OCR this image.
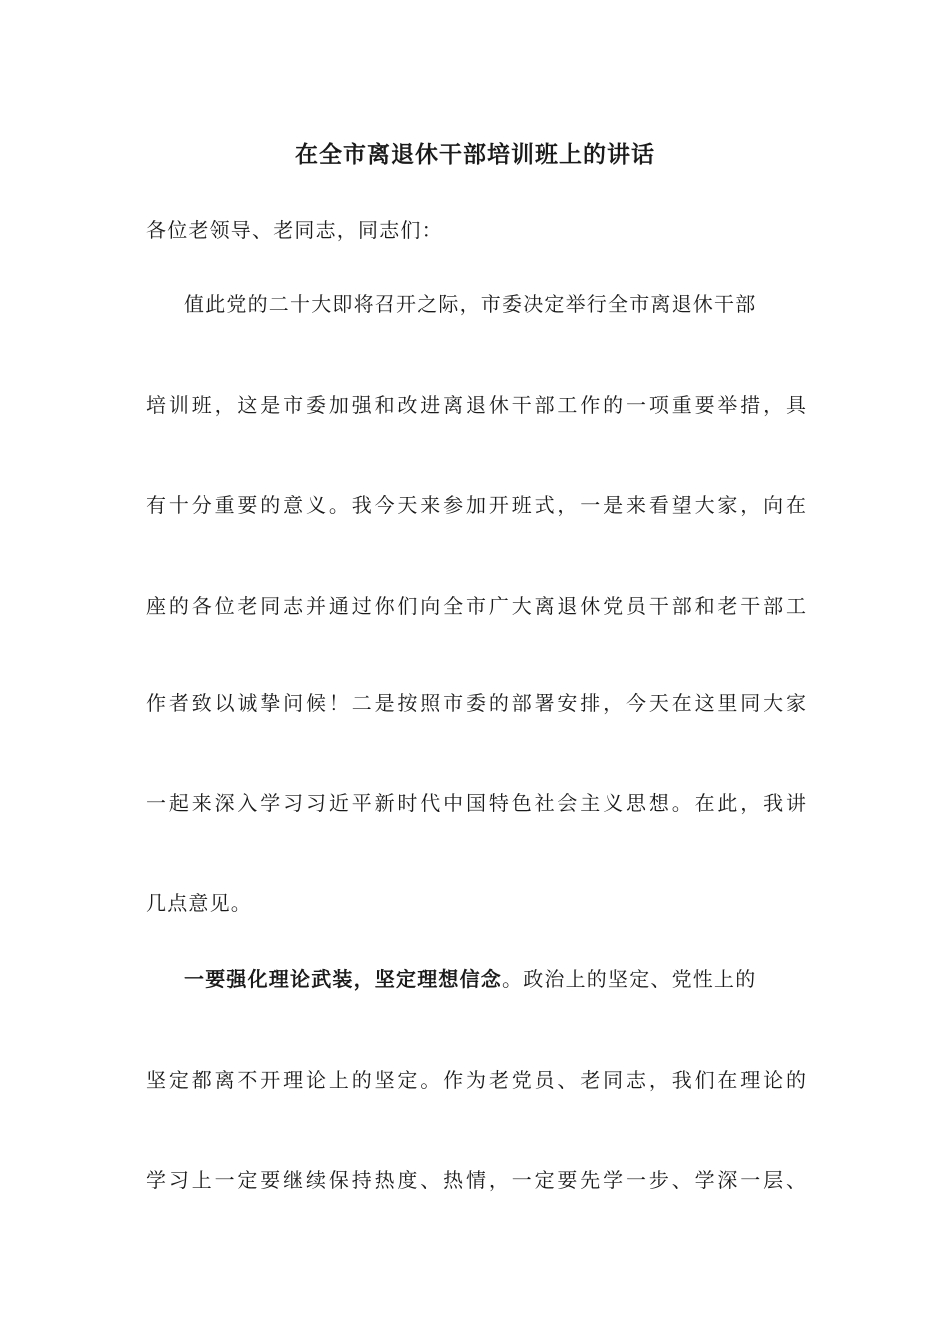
在全市离退休干部培训班上的讲话
各位老领导、老同志，同志们：
值此党的二十大即将召开之际，市委决定举行全市离退休干部
培训班，这是市委加强和改进离退休干部工作的一项重要举措，具
有十分重要的意义。我今天来参加开班式，一是来看望大家，向在
座的各位老同志并通过你们向全市广大离退休党员干部和老干部工
作者致以诚挚问候！二是按照市委的部署安排，今天在这里同大家
一起来深入学习习近平新时代中国特色社会主义思想。在此，我讲
几点意见。
一要强化理论武装，坚定理想信念。政治上的坚定、党性上的
坚定都离不开理论上的坚定。作为老党员、老同志，我们在理论的
学习上一定要继续保持热度、热情，一定要先学一步、学深一层、
